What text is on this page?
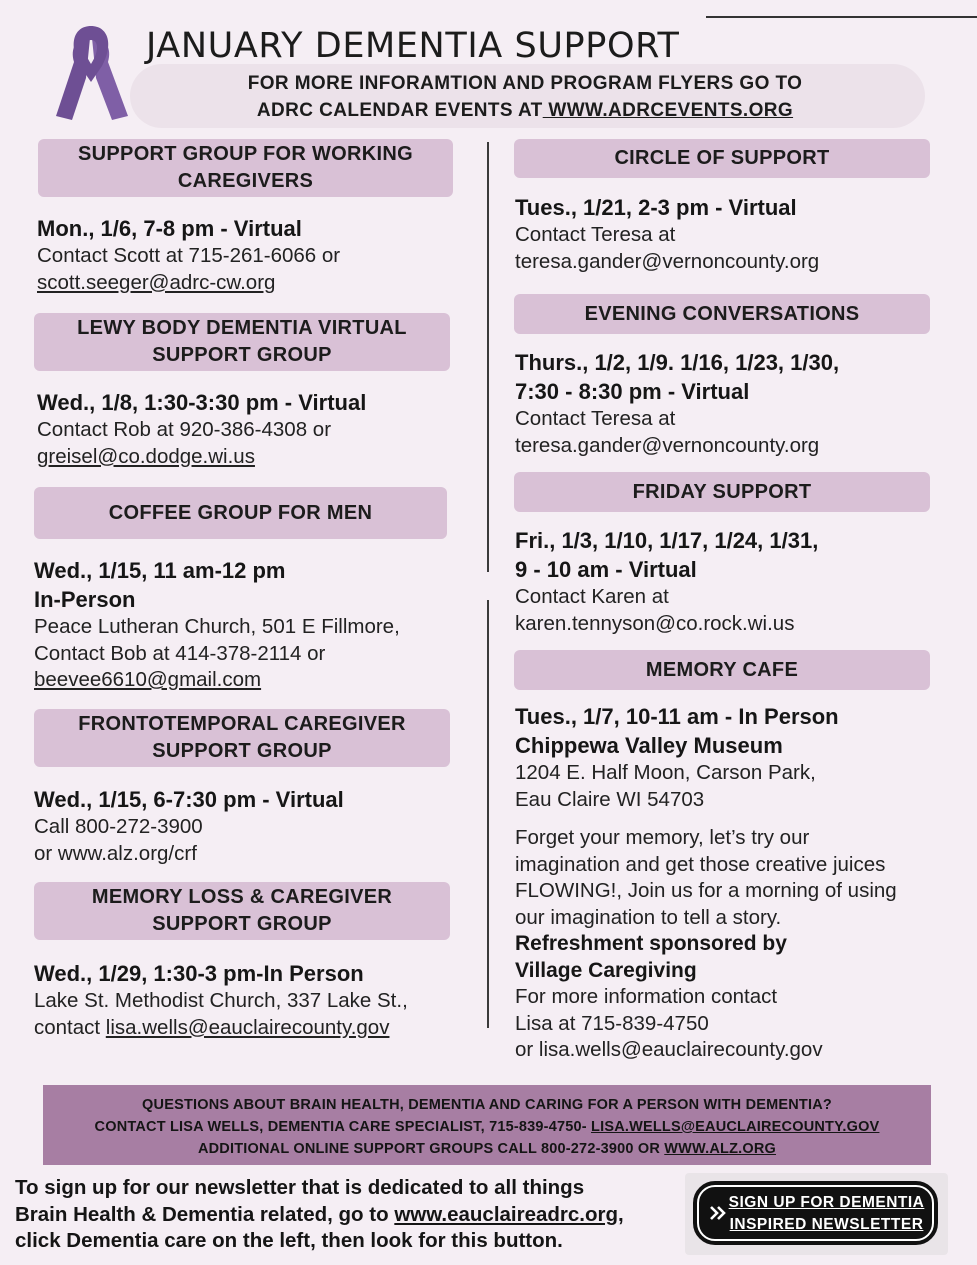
JANUARY DEMENTIA SUPPORT
FOR MORE INFORAMTION AND PROGRAM FLYERS GO TO
ADRC CALENDAR EVENTS AT WWW.ADRCEVENTS.ORG
SUPPORT GROUP FOR WORKING
CAREGIVERS
Mon., 1/6, 7-8 pm - Virtual
Contact Scott at 715-261-6066 or
scott.seeger@adrc-cw.org
LEWY BODY DEMENTIA VIRTUAL
SUPPORT GROUP
Wed., 1/8, 1:30-3:30 pm - Virtual
Contact Rob at 920-386-4308 or
greisel@co.dodge.wi.us
COFFEE GROUP FOR MEN
Wed., 1/15, 11 am-12 pm
In-Person
Peace Lutheran Church, 501 E Fillmore,
Contact Bob at 414-378-2114 or
beevee6610@gmail.com
FRONTOTEMPORAL CAREGIVER
SUPPORT GROUP
Wed., 1/15, 6-7:30 pm - Virtual
Call 800-272-3900
or www.alz.org/crf
MEMORY LOSS & CAREGIVER
SUPPORT GROUP
Wed., 1/29, 1:30-3 pm-In Person
Lake St. Methodist Church, 337 Lake St.,
contact lisa.wells@eauclairecounty.gov
CIRCLE OF SUPPORT
Tues., 1/21, 2-3 pm - Virtual
Contact Teresa at
teresa.gander@vernoncounty.org
EVENING CONVERSATIONS
Thurs., 1/2, 1/9. 1/16, 1/23, 1/30,
7:30 - 8:30 pm - Virtual
Contact Teresa at
teresa.gander@vernoncounty.org
FRIDAY SUPPORT
Fri., 1/3, 1/10, 1/17, 1/24, 1/31,
9 - 10 am - Virtual
Contact Karen at
karen.tennyson@co.rock.wi.us
MEMORY CAFE
Tues., 1/7, 10-11 am - In Person
Chippewa Valley Museum
1204 E. Half Moon, Carson Park,
Eau Claire WI 54703
Forget your memory, let’s try our
imagination and get those creative juices
FLOWING!, Join us for a morning of using
our imagination to tell a story.
Refreshment sponsored by
Village Caregiving
For more information contact
Lisa at 715-839-4750
or lisa.wells@eauclairecounty.gov
QUESTIONS ABOUT BRAIN HEALTH, DEMENTIA AND CARING FOR A PERSON WITH DEMENTIA?
CONTACT LISA WELLS, DEMENTIA CARE SPECIALIST, 715-839-4750- LISA.WELLS@EAUCLAIRECOUNTY.GOV
ADDITIONAL ONLINE SUPPORT GROUPS CALL 800-272-3900 OR WWW.ALZ.ORG
To sign up for our newsletter that is dedicated to all things
Brain Health & Dementia related, go to www.eauclaireadrc.org,
click Dementia care on the left, then look for this button.
SIGN UP FOR DEMENTIA
INSPIRED NEWSLETTER
